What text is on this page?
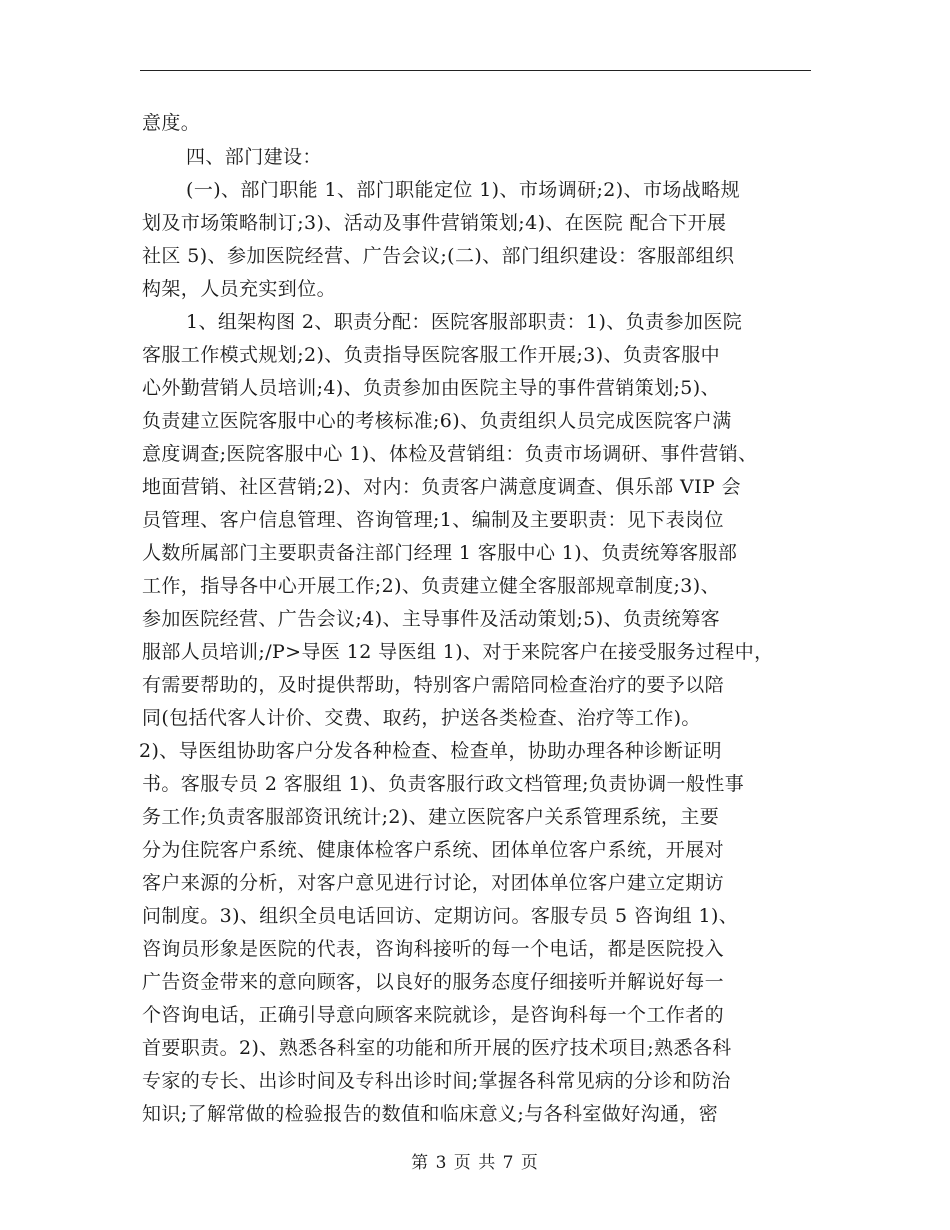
意度。
四、部门建设：
(一)、部门职能 1、部门职能定位 1)、市场调研;2)、市场战略规
划及市场策略制订;3)、活动及事件营销策划;4)、在医院 配合下开展
社区 5)、参加医院经营、广告会议;(二)、部门组织建设：客服部组织
构架，人员充实到位。
1、组架构图 2、职责分配：医院客服部职责：1)、负责参加医院
客服工作模式规划;2)、负责指导医院客服工作开展;3)、负责客服中
心外勤营销人员培训;4)、负责参加由医院主导的事件营销策划;5)、
负责建立医院客服中心的考核标准;6)、负责组织人员完成医院客户满
意度调查;医院客服中心 1)、体检及营销组：负责市场调研、事件营销、
地面营销、社区营销;2)、对内：负责客户满意度调查、俱乐部 VIP 会
员管理、客户信息管理、咨询管理;1、编制及主要职责：见下表岗位
人数所属部门主要职责备注部门经理 1 客服中心 1)、负责统筹客服部
工作，指导各中心开展工作;2)、负责建立健全客服部规章制度;3)、
参加医院经营、广告会议;4)、主导事件及活动策划;5)、负责统筹客
服部人员培训;/P>导医 12 导医组 1)、对于来院客户在接受服务过程中，
有需要帮助的，及时提供帮助，特别客户需陪同检查治疗的要予以陪
同(包括代客人计价、交费、取药，护送各类检查、治疗等工作)。
2)、导医组协助客户分发各种检查、检查单，协助办理各种诊断证明
书。客服专员 2 客服组 1)、负责客服行政文档管理;负责协调一般性事
务工作;负责客服部资讯统计;2)、建立医院客户关系管理系统，主要
分为住院客户系统、健康体检客户系统、团体单位客户系统，开展对
客户来源的分析，对客户意见进行讨论，对团体单位客户建立定期访
问制度。3)、组织全员电话回访、定期访问。客服专员 5 咨询组 1)、
咨询员形象是医院的代表，咨询科接听的每一个电话，都是医院投入
广告资金带来的意向顾客，以良好的服务态度仔细接听并解说好每一
个咨询电话，正确引导意向顾客来院就诊，是咨询科每一个工作者的
首要职责。2)、熟悉各科室的功能和所开展的医疗技术项目;熟悉各科
专家的专长、出诊时间及专科出诊时间;掌握各科常见病的分诊和防治
知识;了解常做的检验报告的数值和临床意义;与各科室做好沟通，密
第 3 页 共 7 页
